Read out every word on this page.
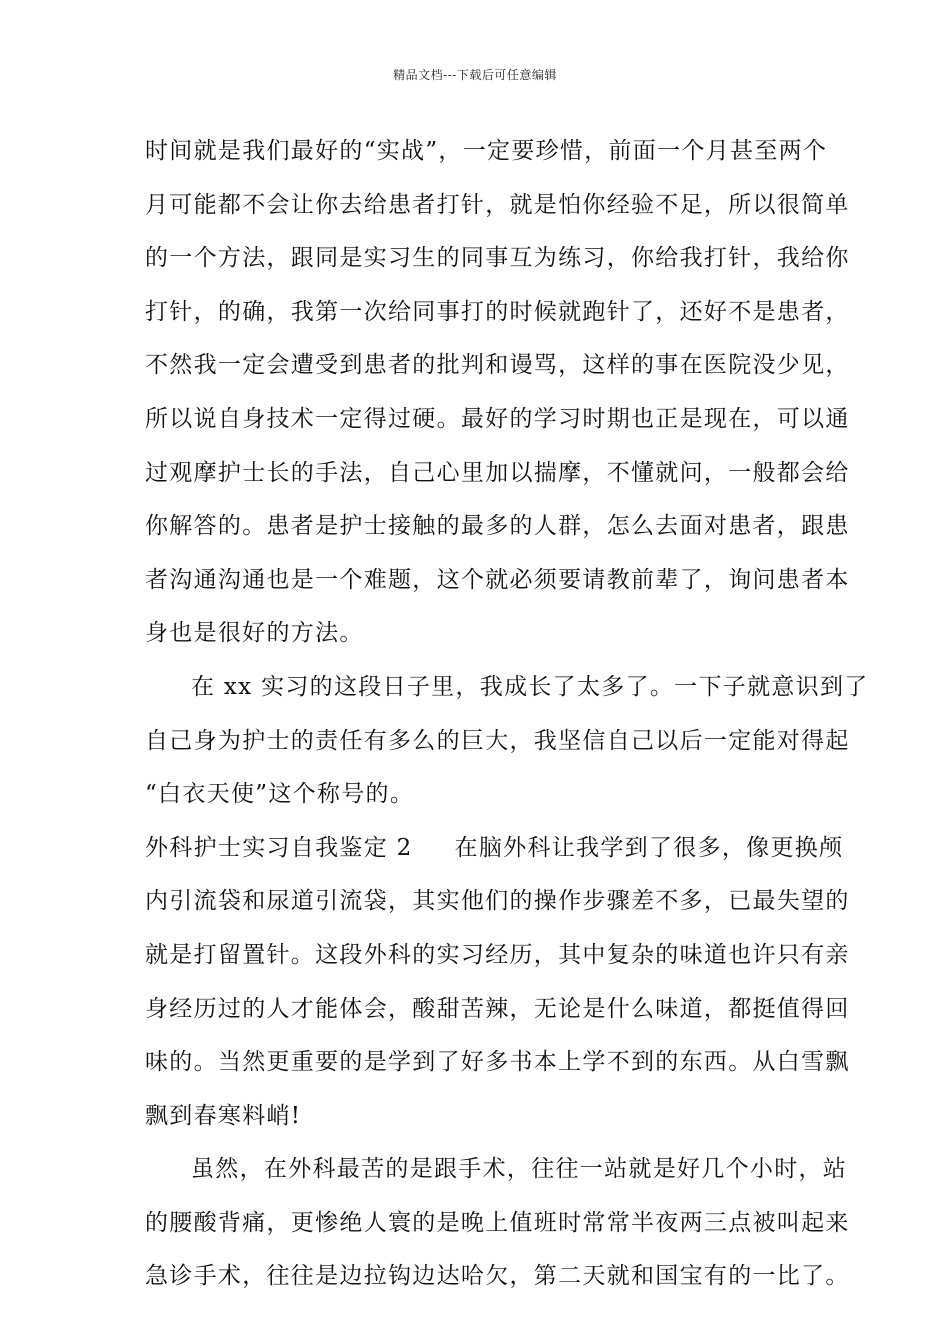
精品文档---下载后可任意编辑
时间就是我们最好的“实战”，一定要珍惜，前面一个月甚至两个
月可能都不会让你去给患者打针，就是怕你经验不足，所以很简单
的一个方法，跟同是实习生的同事互为练习，你给我打针，我给你
打针，的确，我第一次给同事打的时候就跑针了，还好不是患者，
不然我一定会遭受到患者的批判和谩骂，这样的事在医院没少见，
所以说自身技术一定得过硬。最好的学习时期也正是现在，可以通
过观摩护士长的手法，自己心里加以揣摩，不懂就问，一般都会给
你解答的。患者是护士接触的最多的人群，怎么去面对患者，跟患
者沟通沟通也是一个难题，这个就必须要请教前辈了，询问患者本
身也是很好的方法。
在 xx 实习的这段日子里，我成长了太多了。一下子就意识到了
自己身为护士的责任有多么的巨大，我坚信自己以后一定能对得起
“白衣天使”这个称号的。
外科护士实习自我鉴定 2 在脑外科让我学到了很多，像更换颅
内引流袋和尿道引流袋，其实他们的操作步骤差不多，已最失望的
就是打留置针。这段外科的实习经历，其中复杂的味道也许只有亲
身经历过的人才能体会，酸甜苦辣，无论是什么味道，都挺值得回
味的。当然更重要的是学到了好多书本上学不到的东西。从白雪飘
飘到春寒料峭!
虽然，在外科最苦的是跟手术，往往一站就是好几个小时，站
的腰酸背痛，更惨绝人寰的是晚上值班时常常半夜两三点被叫起来
急诊手术，往往是边拉钩边达哈欠，第二天就和国宝有的一比了。
